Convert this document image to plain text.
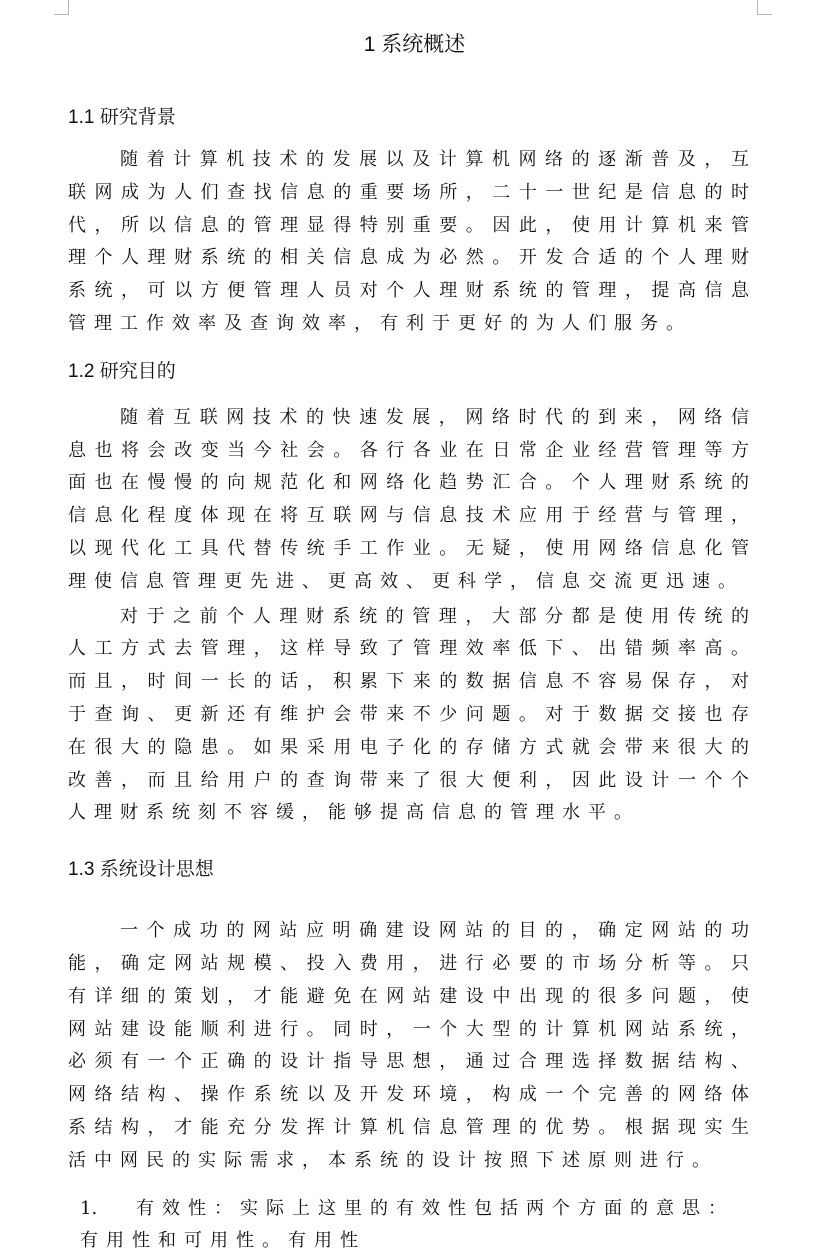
1 系统概述
1.1 研究背景

随着计算机技术的发展以及计算机网络的逐渐普及，互联网成为人们查找信息的重要场所，二十一世纪是信息的时代，所以信息的管理显得特别重要。因此，使用计算机来管理个人理财系统的相关信息成为必然。开发合适的个人理财系统，可以方便管理人员对个人理财系统的管理，提高信息管理工作效率及查询效率，有利于更好的为人们服务。

1.2 研究目的

随着互联网技术的快速发展，网络时代的到来，网络信息也将会改变当今社会。各行各业在日常企业经营管理等方面也在慢慢的向规范化和网络化趋势汇合。个人理财系统的信息化程度体现在将互联网与信息技术应用于经营与管理，以现代化工具代替传统手工作业。无疑，使用网络信息化管理使信息管理更先进、更高效、更科学，信息交流更迅速。

对于之前个人理财系统的管理，大部分都是使用传统的人工方式去管理，这样导致了管理效率低下、出错频率高。而且，时间一长的话，积累下来的数据信息不容易保存，对于查询、更新还有维护会带来不少问题。对于数据交接也存在很大的隐患。如果采用电子化的存储方式就会带来很大的改善，而且给用户的查询带来了很大便利，因此设计一个个人理财系统刻不容缓，能够提高信息的管理水平。

1.3 系统设计思想

一个成功的网站应明确建设网站的目的，确定网站的功能，确定网站规模、投入费用，进行必要的市场分析等。只有详细的策划，才能避免在网站建设中出现的很多问题，使网站建设能顺利进行。同时，一个大型的计算机网站系统，必须有一个正确的设计指导思想，通过合理选择数据结构、网络结构、操作系统以及开发环境，构成一个完善的网络体系结构，才能充分发挥计算机信息管理的优势。根据现实生活中网民的实际需求，本系统的设计按照下述原则进行。

1. 有效性：实际上这里的有效性包括两个方面的意思：有用性和可用性。有用性
